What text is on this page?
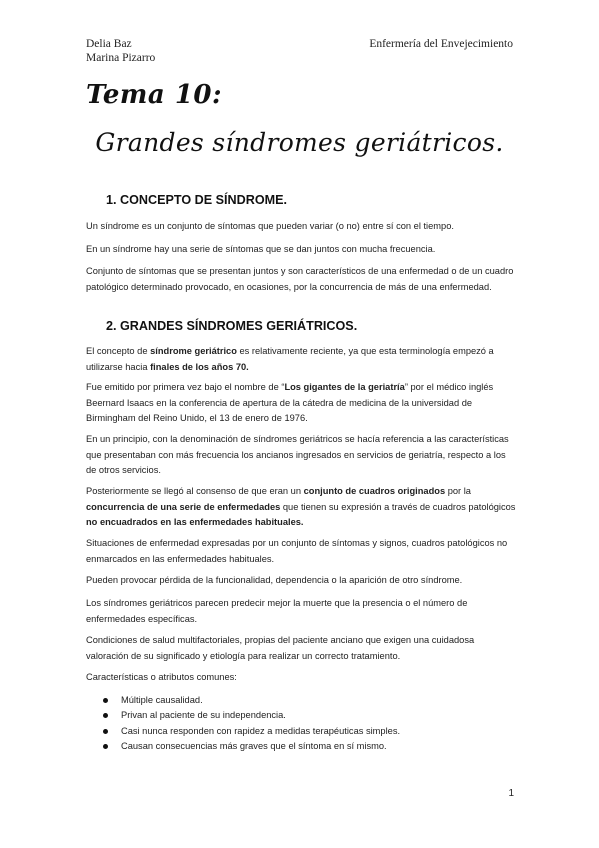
Delia Baz
Marina Pizarro
Enfermería del Envejecimiento
Tema 10:
Grandes síndromes geriátricos.
1. CONCEPTO DE SÍNDROME.
Un síndrome es un conjunto de síntomas que pueden variar (o no) entre sí con el tiempo.
En un síndrome hay una serie de síntomas que se dan juntos con mucha frecuencia.
Conjunto de síntomas que se presentan juntos y son característicos de una enfermedad o de un cuadro patológico determinado provocado, en ocasiones, por la concurrencia de más de una enfermedad.
2. GRANDES SÍNDROMES GERIÁTRICOS.
El concepto de síndrome geriátrico es relativamente reciente, ya que esta terminología empezó a utilizarse hacia finales de los años 70.
Fue emitido por primera vez bajo el nombre de “Los gigantes de la geriatría” por el médico inglés Beernard Isaacs en la conferencia de apertura de la cátedra de medicina de la universidad de Birmingham del Reino Unido, el 13 de enero de 1976.
En un principio, con la denominación de síndromes geriátricos se hacía referencia a las características que presentaban con más frecuencia los ancianos ingresados en servicios de geriatría, respecto a los de otros servicios.
Posteriormente se llegó al consenso de que eran un conjunto de cuadros originados por la concurrencia de una serie de enfermedades que tienen su expresión a través de cuadros patológicos no encuadrados en las enfermedades habituales.
Situaciones de enfermedad expresadas por un conjunto de síntomas y signos, cuadros patológicos no enmarcados en las enfermedades habituales.
Pueden provocar pérdida de la funcionalidad, dependencia o la aparición de otro síndrome.
Los síndromes geriátricos parecen predecir mejor la muerte que la presencia o el número de enfermedades específicas.
Condiciones de salud multifactoriales, propias del paciente anciano que exigen una cuidadosa valoración de su significado y etiología para realizar un correcto tratamiento.
Características o atributos comunes:
Múltiple causalidad.
Privan al paciente de su independencia.
Casi nunca responden con rapidez a medidas terapéuticas simples.
Causan consecuencias más graves que el síntoma en sí mismo.
1
